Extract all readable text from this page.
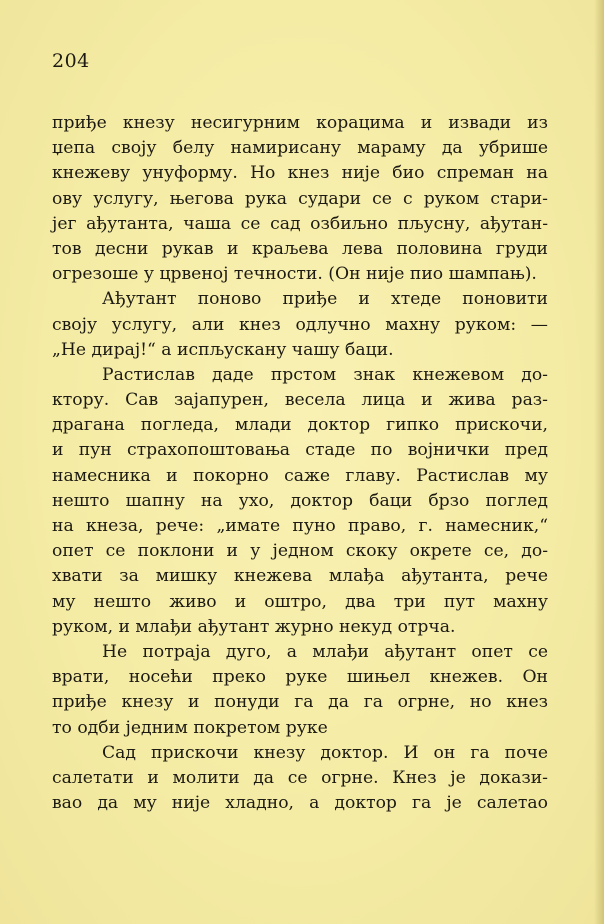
204
приђе кнезу несигурним корацима и извади из
џепа своју белу намирисану мараму да убрише
кнежеву унуформу. Но кнез није био спреман на
ову услугу, његова рука судари се с руком стари-
јег ађутанта, чаша се сад озбиљно пљусну, ађутан-
тов десни рукав и краљева лева половина груди
огрезоше у црвеној течности. (Он није пио шампањ).
Ађутант поново приђе и хтеде поновити
своју услугу, али кнез одлучно махну руком: —
„Не дирај!“ а испљускану чашу баци.
Растислав даде прстом знак кнежевом до-
ктору. Сав зајапурен, весела лица и жива раз-
драгана погледа, млади доктор гипко прискочи,
и пун страхопоштовања стаде по војнички пред
намесника и покорно саже главу. Растислав му
нешто шапну на ухо, доктор баци брзо поглед
на кнеза, рече: „имате пуно право, г. намесник,“
опет се поклони и у једном скоку окрете се, до-
хвати за мишку кнежева млађа ађутанта, рече
му нешто живо и оштро, два три пут махну
руком, и млађи ађутант журно некуд отрча.
Не потраја дуго, а млађи ађутант опет се
врати, носећи преко руке шињел кнежев. Он
приђе кнезу и понуди га да га огрне, но кнез
то одби једним покретом руке
Сад прискочи кнезу доктор. И он га поче
салетати и молити да се огрне. Кнез је докази-
вао да му није хладно, а доктор га је салетао
